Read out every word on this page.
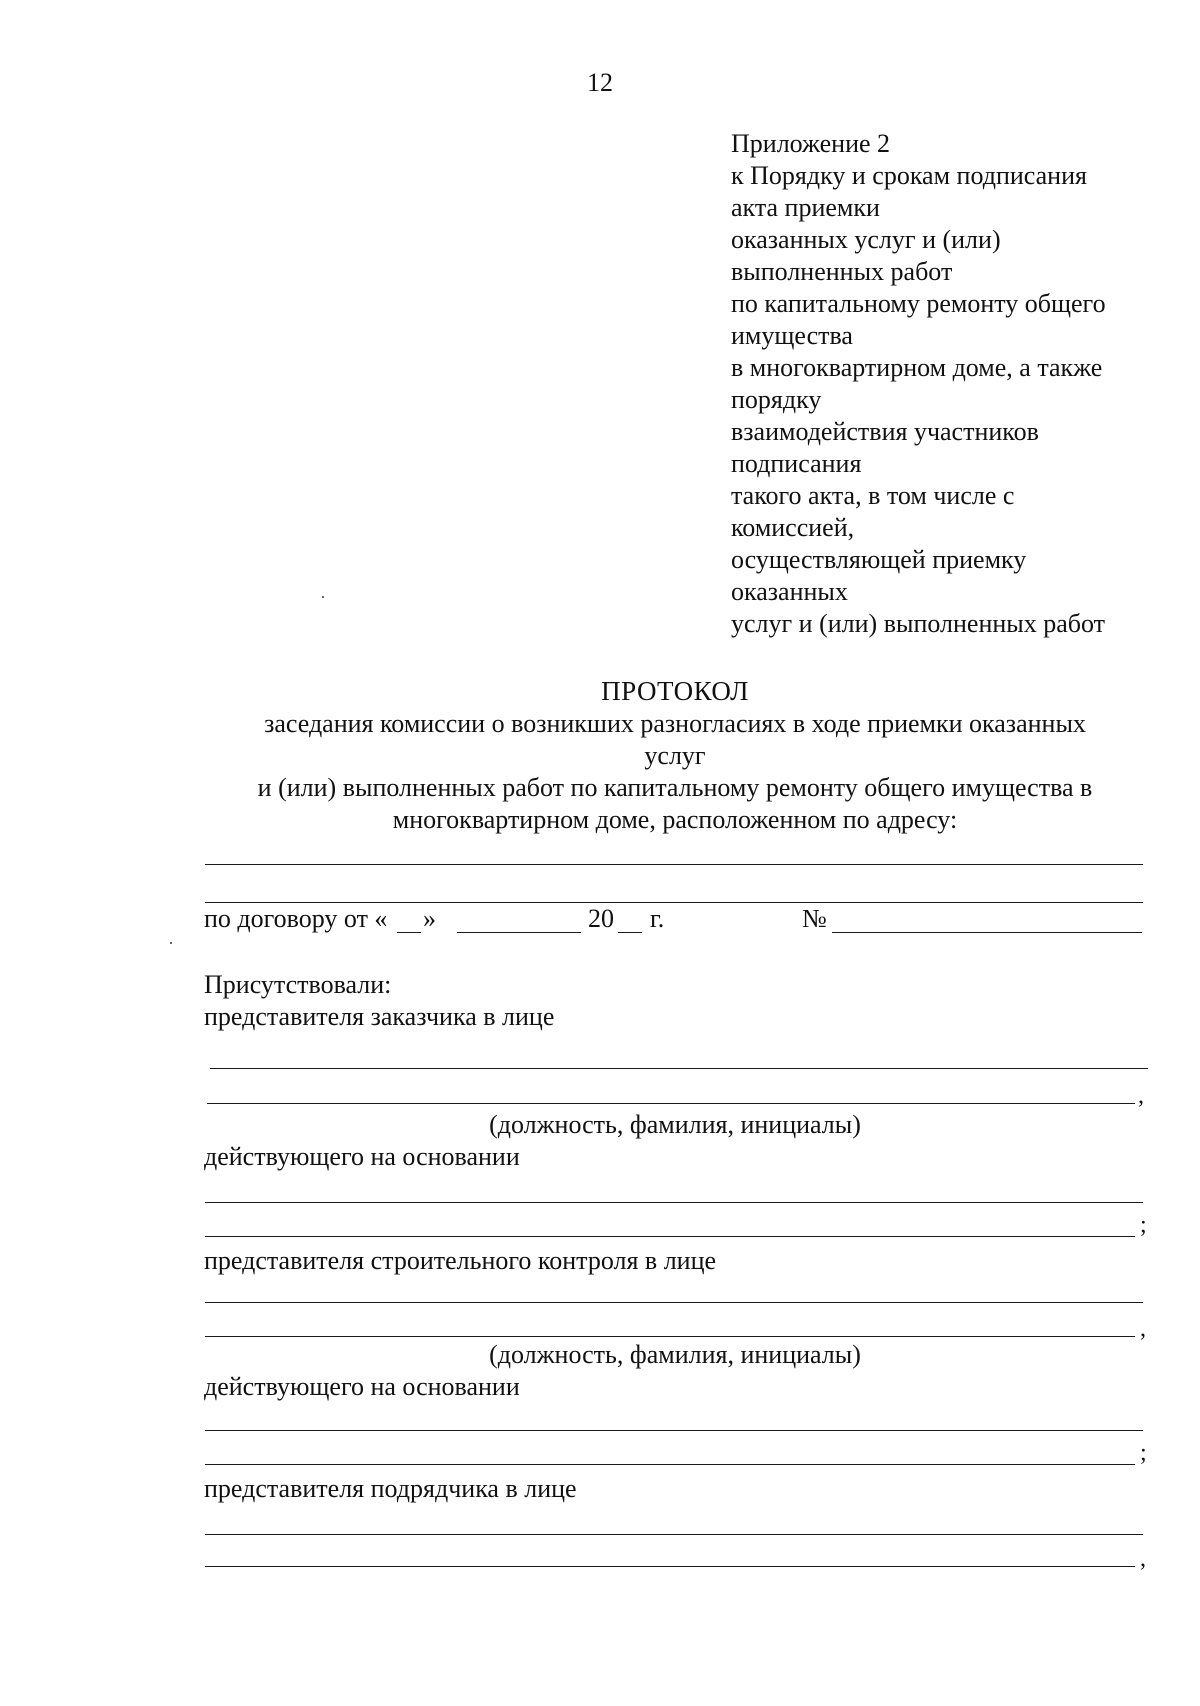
12
Приложение 2
к Порядку и срокам подписания
акта приемки
оказанных услуг и (или)
выполненных работ
по капитальному ремонту общего
имущества
в многоквартирном доме, а также
порядку
взаимодействия участников
подписания
такого акта, в том числе с
комиссией,
осуществляющей приемку
оказанных
услуг и (или) выполненных работ
ПРОТОКОЛ
заседания комиссии о возникших разногласиях в ходе приемки оказанных
услуг
и (или) выполненных работ по капитальному ремонту общего имущества в
многоквартирном доме, расположенном по адресу:
по договору от « »	20 г.	№
Присутствовали:
представителя заказчика в лице
,
(должность, фамилия, инициалы)
действующего на основании
;
представителя строительного контроля в лице
,
(должность, фамилия, инициалы)
действующего на основании
;
представителя подрядчика в лице
,
